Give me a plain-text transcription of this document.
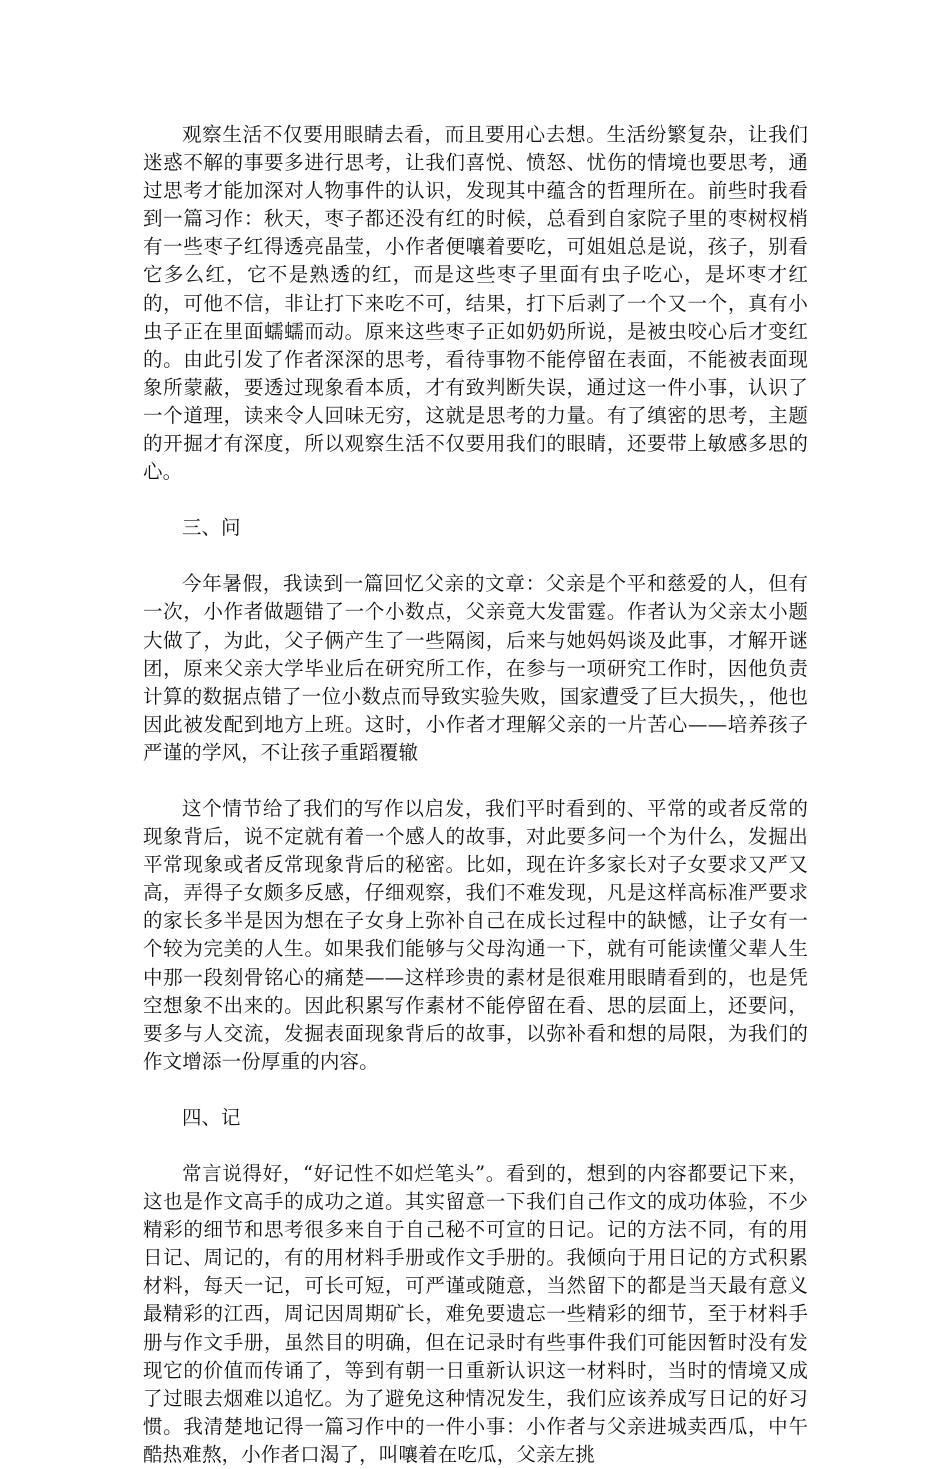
观察生活不仅要用眼睛去看，而且要用心去想。生活纷繁复杂，让我们迷惑不解的事要多进行思考，让我们喜悦、愤怒、忧伤的情境也要思考，通过思考才能加深对人物事件的认识，发现其中蕴含的哲理所在。前些时我看到一篇习作：秋天，枣子都还没有红的时候，总看到自家院子里的枣树杈梢有一些枣子红得透亮晶莹，小作者便嚷着要吃，可姐姐总是说，孩子，别看它多么红，它不是熟透的红，而是这些枣子里面有虫子吃心，是坏枣才红的，可他不信，非让打下来吃不可，结果，打下后剥了一个又一个，真有小虫子正在里面蠕蠕而动。原来这些枣子正如奶奶所说，是被虫咬心后才变红的。由此引发了作者深深的思考，看待事物不能停留在表面，不能被表面现象所蒙蔽，要透过现象看本质，才有致判断失误，通过这一件小事，认识了一个道理，读来令人回味无穷，这就是思考的力量。有了缜密的思考，主题的开掘才有深度，所以观察生活不仅要用我们的眼睛，还要带上敏感多思的心。

三、问

今年暑假，我读到一篇回忆父亲的文章：父亲是个平和慈爱的人，但有一次，小作者做题错了一个小数点，父亲竟大发雷霆。作者认为父亲太小题大做了，为此，父子俩产生了一些隔阂，后来与她妈妈谈及此事，才解开谜团，原来父亲大学毕业后在研究所工作，在参与一项研究工作时，因他负责计算的数据点错了一位小数点而导致实验失败，国家遭受了巨大损失，，他也因此被发配到地方上班。这时，小作者才理解父亲的一片苦心——培养孩子严谨的学风，不让孩子重蹈覆辙

这个情节给了我们的写作以启发，我们平时看到的、平常的或者反常的现象背后，说不定就有着一个感人的故事，对此要多问一个为什么，发掘出平常现象或者反常现象背后的秘密。比如，现在许多家长对子女要求又严又高，弄得子女颇多反感，仔细观察，我们不难发现，凡是这样高标准严要求的家长多半是因为想在子女身上弥补自己在成长过程中的缺憾，让子女有一个较为完美的人生。如果我们能够与父母沟通一下，就有可能读懂父辈人生中那一段刻骨铭心的痛楚——这样珍贵的素材是很难用眼睛看到的，也是凭空想象不出来的。因此积累写作素材不能停留在看、思的层面上，还要问，要多与人交流，发掘表面现象背后的故事，以弥补看和想的局限，为我们的作文增添一份厚重的内容。

四、记

常言说得好，“好记性不如烂笔头”。看到的，想到的内容都要记下来，这也是作文高手的成功之道。其实留意一下我们自己作文的成功体验，不少精彩的细节和思考很多来自于自己秘不可宣的日记。记的方法不同，有的用日记、周记的，有的用材料手册或作文手册的。我倾向于用日记的方式积累材料，每天一记，可长可短，可严谨或随意，当然留下的都是当天最有意义最精彩的江西，周记因周期矿长，难免要遗忘一些精彩的细节，至于材料手册与作文手册，虽然目的明确，但在记录时有些事件我们可能因暂时没有发现它的价值而传诵了，等到有朝一日重新认识这一材料时，当时的情境又成了过眼去烟难以追忆。为了避免这种情况发生，我们应该养成写日记的好习惯。我清楚地记得一篇习作中的一件小事：小作者与父亲进城卖西瓜，中午酷热难熬，小作者口渴了，叫嚷着在吃瓜，父亲左挑
